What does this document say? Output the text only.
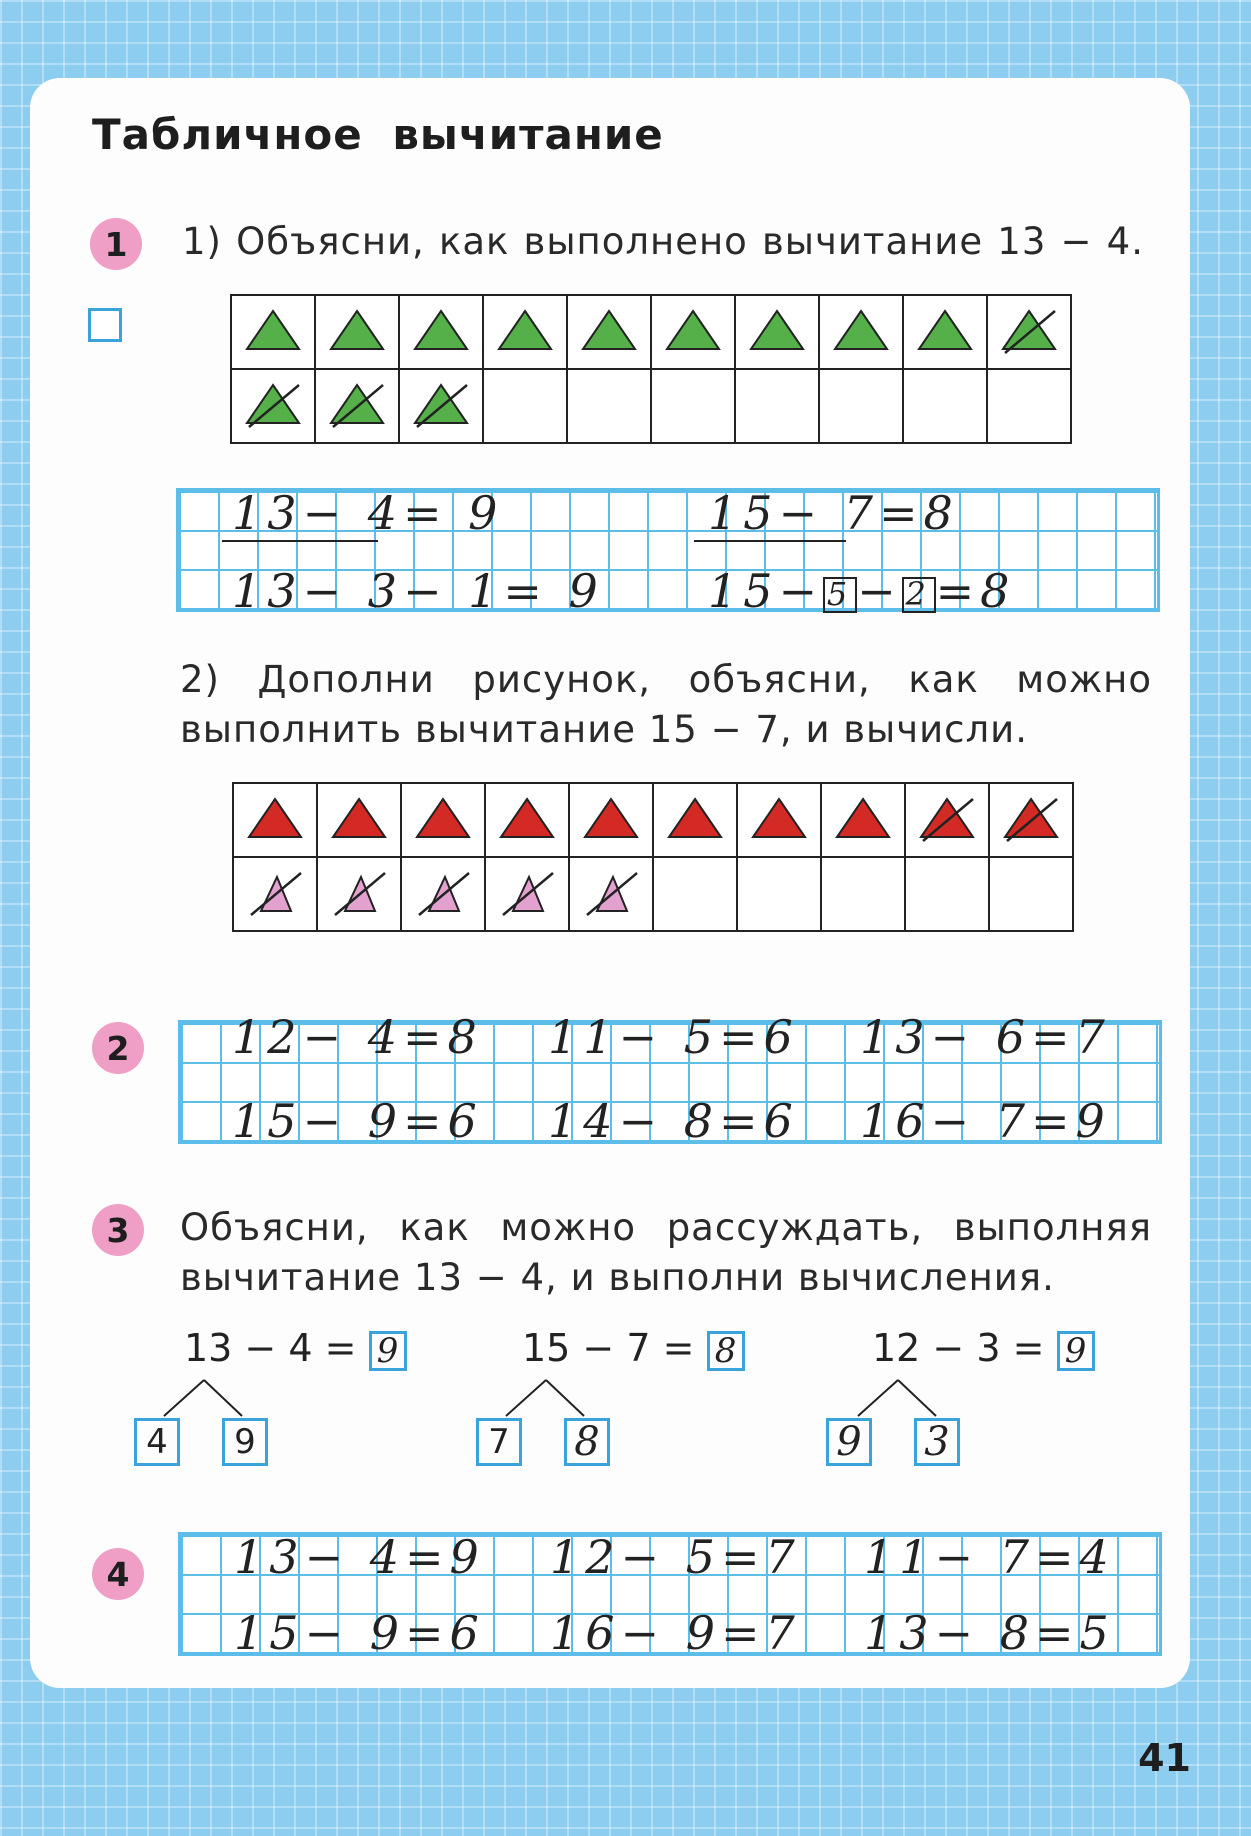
Табличное вычитание
1	1) Объясни, как выполнено вычитание 13 − 4.

13− 4= 9
13− 3− 1= 9
15− 7=8
15− 5− 2=8
2) Дополни рисунок, объясни, как можно
выполнить вычитание 15 − 7, и вычисли.

2	12− 4=8 11− 5=6 13− 6=7
15− 9=6 14− 8=6 16− 7=9
3	Объясни, как можно рассуждать, выполняя
вычитание 13 − 4, и выполни вычисления.
13 − 4 = 9
4	9
15 − 7 = 8
7	8
12 − 3 = 9
9 3
4	13− 4=9 12− 5=7 11− 7=4
15− 9=6 16− 9=7 13− 8=5
41
